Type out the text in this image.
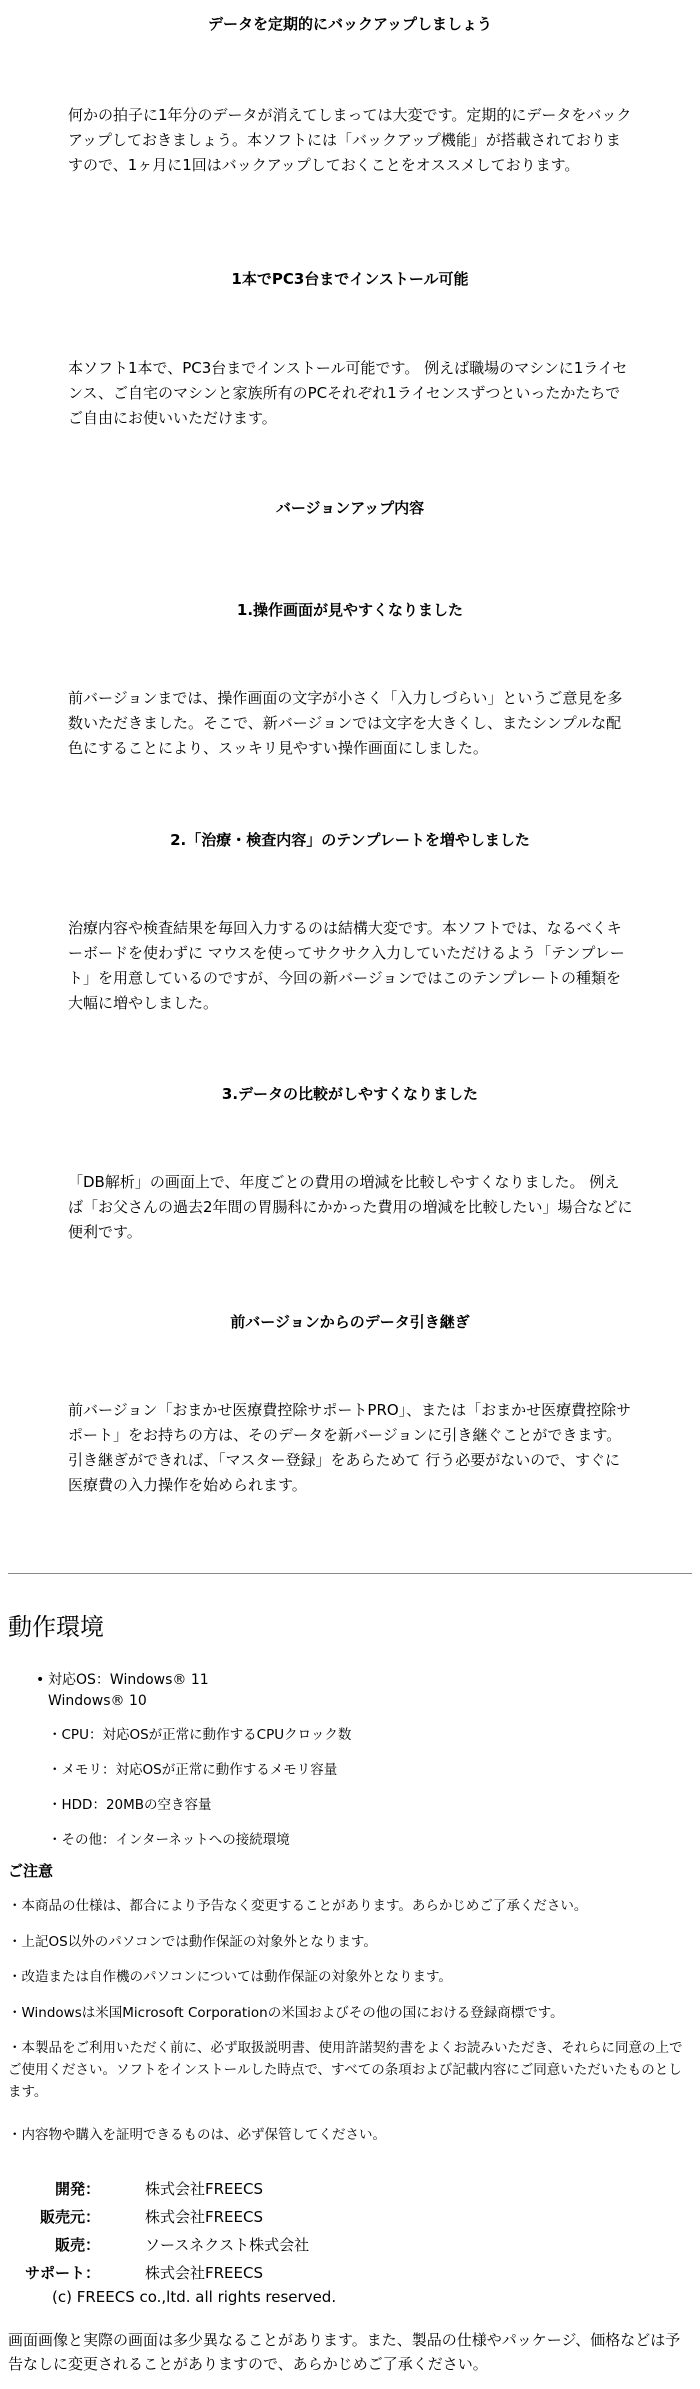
データを定期的にバックアップしましょう
何かの拍子に1年分のデータが消えてしまっては大変です。定期的にデータをバックアップしておきましょう。本ソフトには「バックアップ機能」が搭載されておりますので、1ヶ月に1回はバックアップしておくことをオススメしております。
1本でPC3台までインストール可能
本ソフト1本で、PC3台までインストール可能です。 例えば職場のマシンに1ライセンス、ご自宅のマシンと家族所有のPCそれぞれ1ライセンスずつといったかたちでご自由にお使いいただけます。
バージョンアップ内容
1.操作画面が見やすくなりました
前バージョンまでは、操作画面の文字が小さく「入力しづらい」というご意見を多数いただきました。そこで、新バージョンでは文字を大きくし、またシンプルな配色にすることにより、スッキリ見やすい操作画面にしました。
2.「治療・検査内容」のテンプレートを増やしました
治療内容や検査結果を毎回入力するのは結構大変です。本ソフトでは、なるべくキーボードを使わずに マウスを使ってサクサク入力していただけるよう「テンプレート」を用意しているのですが、今回の新バージョンではこのテンプレートの種類を大幅に増やしました。
3.データの比較がしやすくなりました
「DB解析」の画面上で、年度ごとの費用の増減を比較しやすくなりました。 例えば「お父さんの過去2年間の胃腸科にかかった費用の増減を比較したい」場合などに便利です。
前バージョンからのデータ引き継ぎ
前バージョン「おまかせ医療費控除サポートPRO」、または「おまかせ医療費控除サポート」をお持ちの方は、そのデータを新バージョンに引き継ぐことができます。引き継ぎができれば、「マスター登録」をあらためて 行う必要がないので、すぐに医療費の入力操作を始められます。
動作環境
• 対応OS：Windows® 11
Windows® 10
・CPU：対応OSが正常に動作するCPUクロック数
・メモリ：対応OSが正常に動作するメモリ容量
・HDD：20MBの空き容量
・その他：インターネットへの接続環境
ご注意
・本商品の仕様は、都合により予告なく変更することがあります。あらかじめご了承ください。
・上記OS以外のパソコンでは動作保証の対象外となります。
・改造または自作機のパソコンについては動作保証の対象外となります。
・Windowsは米国Microsoft Corporationの米国およびその他の国における登録商標です。
・本製品をご利用いただく前に、必ず取扱説明書、使用許諾契約書をよくお読みいただき、それらに同意の上でご使用ください。ソフトをインストールした時点で、すべての条項および記載内容にご同意いただいたものとします。
・内容物や購入を証明できるものは、必ず保管してください。
開発：	株式会社FREECS
販売元：	株式会社FREECS
販売：	ソースネクスト株式会社
サポート：	株式会社FREECS
(c) FREECS co.,ltd. all rights reserved.
画面画像と実際の画面は多少異なることがあります。また、製品の仕様やパッケージ、価格などは予告なしに変更されることがありますので、あらかじめご了承ください。
